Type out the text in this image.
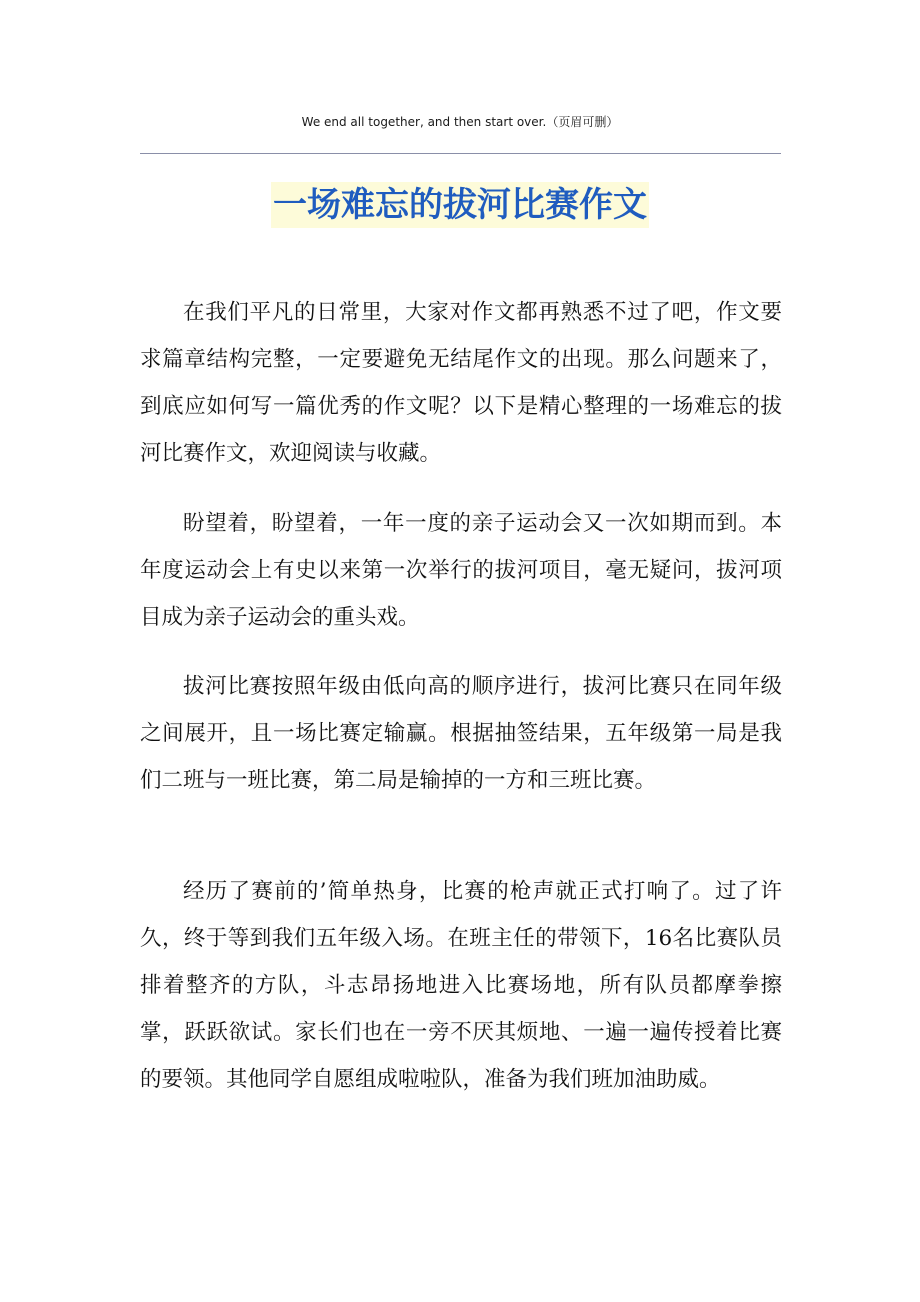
We end all together, and then start over.（页眉可删）
一场难忘的拔河比赛作文

在我们平凡的日常里，大家对作文都再熟悉不过了吧，作文要求篇章结构完整，一定要避免无结尾作文的出现。那么问题来了，到底应如何写一篇优秀的作文呢？以下是精心整理的一场难忘的拔河比赛作文，欢迎阅读与收藏。

盼望着，盼望着，一年一度的亲子运动会又一次如期而到。本年度运动会上有史以来第一次举行的拔河项目，毫无疑问，拔河项目成为亲子运动会的重头戏。

拔河比赛按照年级由低向高的顺序进行，拔河比赛只在同年级之间展开，且一场比赛定输赢。根据抽签结果，五年级第一局是我们二班与一班比赛，第二局是输掉的一方和三班比赛。

经历了赛前的’简单热身，比赛的枪声就正式打响了。过了许久，终于等到我们五年级入场。在班主任的带领下，16名比赛队员排着整齐的方队，斗志昂扬地进入比赛场地，所有队员都摩拳擦掌，跃跃欲试。家长们也在一旁不厌其烦地、一遍一遍传授着比赛的要领。其他同学自愿组成啦啦队，准备为我们班加油助威。
